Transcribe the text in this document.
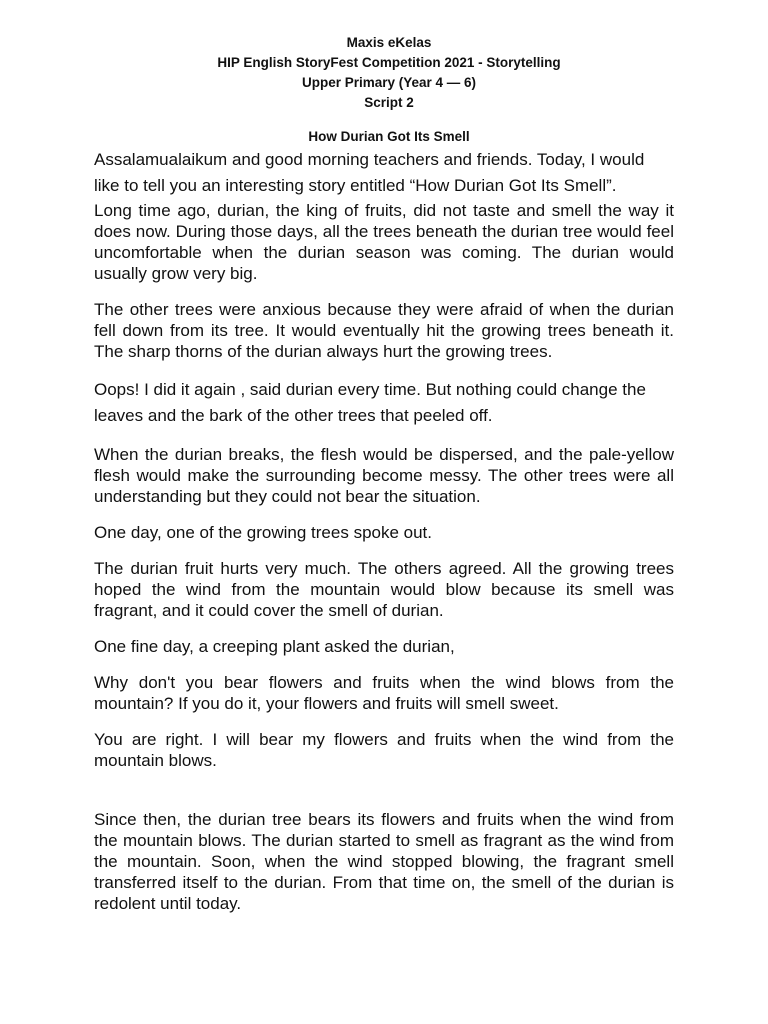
Maxis eKelas
HIP English StoryFest Competition 2021 - Storytelling
Upper Primary (Year 4 — 6)
Script 2
How Durian Got Its Smell

Assalamualaikum and good morning teachers and friends. Today, I would like to tell you an interesting story entitled “How Durian Got Its Smell”.

Long time ago, durian, the king of fruits, did not taste and smell the way it does now. During those days, all the trees beneath the durian tree would feel uncomfortable when the durian season was coming. The durian would usually grow very big.

The other trees were anxious because they were afraid of when the durian fell down from its tree. It would eventually hit the growing trees beneath it. The sharp thorns of the durian always hurt the growing trees.

Oops! I did it again , said durian every time. But nothing could change the leaves and the bark of the other trees that peeled off.

When the durian breaks, the flesh would be dispersed, and the pale-yellow flesh would make the surrounding become messy. The other trees were all understanding but they could not bear the situation.

One day, one of the growing trees spoke out.

The durian fruit hurts very much. The others agreed. All the growing trees hoped the wind from the mountain would blow because its smell was fragrant, and it could cover the smell of durian.

One fine day, a creeping plant asked the durian,

Why don't you bear flowers and fruits when the wind blows from the mountain? If you do it, your flowers and fruits will smell sweet.

You are right. I will bear my flowers and fruits when the wind from the mountain blows.

Since then, the durian tree bears its flowers and fruits when the wind from the mountain blows. The durian started to smell as fragrant as the wind from the mountain. Soon, when the wind stopped blowing, the fragrant smell transferred itself to the durian. From that time on, the smell of the durian is redolent until today.
